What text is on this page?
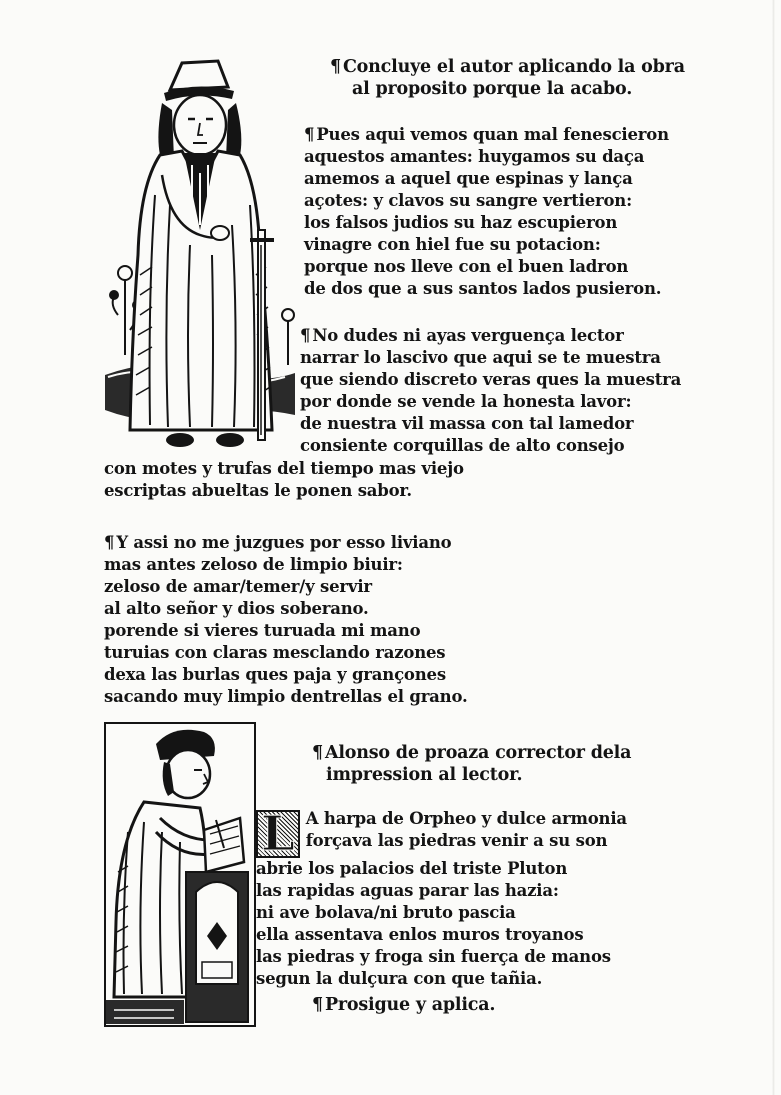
¶ Concluye el autor aplicando la obra
al proposito porque la acabo.
¶ Pues aqui vemos quan mal fenescieron
aquestos amantes: huygamos su daça
amemos a aquel que espinas y lança
açotes: y clavos su sangre vertieron:
los falsos judios su haz escupieron
vinagre con hiel fue su potacion:
porque nos lleve con el buen ladron
de dos que a sus santos lados pusieron.
¶ No dudes ni ayas verguença lector
narrar lo lascivo que aqui se te muestra
que siendo discreto veras ques la muestra
por donde se vende la honesta lavor:
de nuestra vil massa con tal lamedor
consiente corquillas de alto consejo
con motes y trufas del tiempo mas viejo
escriptas abueltas le ponen sabor.
¶ Y assi no me juzgues por esso liviano
mas antes zeloso de limpio biuir:
zeloso de amar/temer/y servir
al alto señor y dios soberano.
porende si vieres turuada mi mano
turuias con claras mesclando razones
dexa las burlas ques paja y grançones
sacando muy limpio dentrellas el grano.
¶ Alonso de proaza corrector dela
impression al lector.
L A harpa de Orpheo y dulce armonia
forçava las piedras venir a su son
abrie los palacios del triste Pluton
las rapidas aguas parar las hazia:
ni ave bolava/ni bruto pascia
ella assentava enlos muros troyanos
las piedras y froga sin fuerça de manos
segun la dulçura con que tañia.
¶ Prosigue y aplica.
